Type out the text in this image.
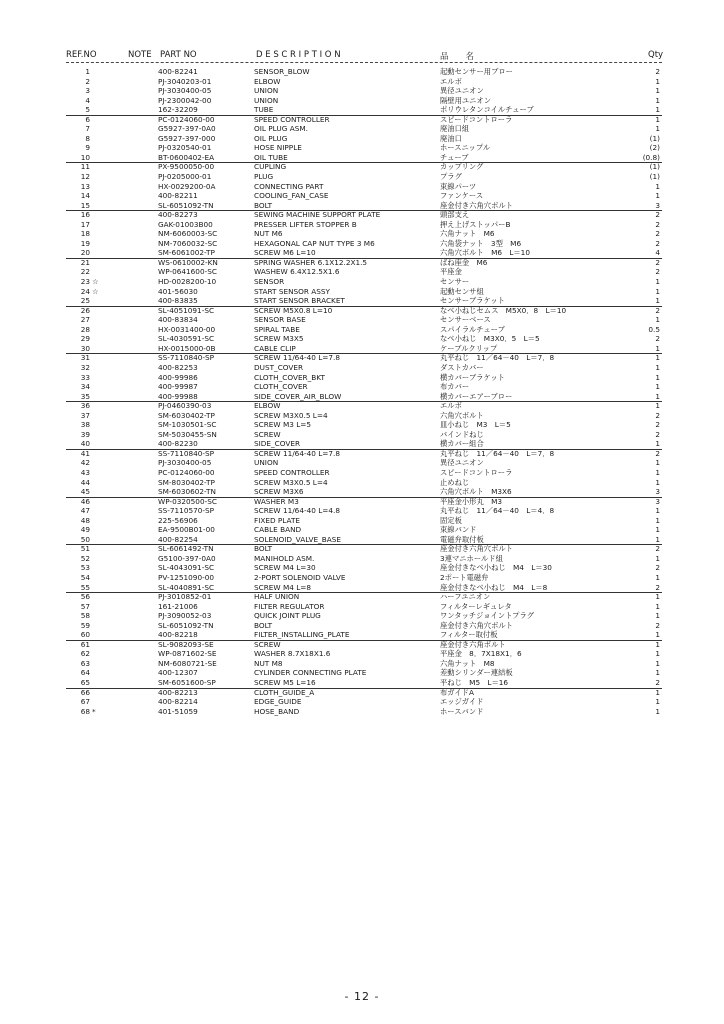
REF.NO	NOTE PART NO	D E S C R I P T I O N	品　　名	Qty
1	400-82241	SENSOR_BLOW	起動センサー用ブロー	2
2	PJ-3040203-01	ELBOW	エルボ	1
3	PJ-3030400-05	UNION	異径ユニオン	1
4	PJ-2300042-00	UNION	隔壁用ユニオン	1
5	162-32209	TUBE	ポリウレタンコイルチューブ	1
6	PC-0124060-00	SPEED CONTROLLER	スピードコントローラ	1
7	G5927-397-0A0	OIL PLUG ASM.	廃油口組	1
8	G5927-397-000	OIL PLUG	廃油口	(1)
9	PJ-0320540-01	HOSE NIPPLE	ホースニップル	(2)
10	BT-0600402-EA	OIL TUBE	チューブ	(0.8)
11	PX-9500050-00	CUPLING	カップリング	(1)
12	PJ-0205000-01	PLUG	プラグ	(1)
13	HX-0029200-0A	CONNECTING PART	束線パーツ	1
14	400-82211	COOLING_FAN_CASE	ファンケース	1
15	SL-6051092-TN	BOLT	座金付き六角穴ボルト	3
16	400-82273	SEWING MACHINE SUPPORT PLATE	頭部支え	2
17	GAK-01003B00	PRESSER LIFTER STOPPER B	押え上げストッパーB	2
18	NM-6060003-SC	NUT M6	六角ナット　M6	2
19	NM-7060032-SC	HEXAGONAL CAP NUT TYPE 3 M6	六角袋ナット　3型　M6	2
20	SM-6061002-TP	SCREW M6 L=10	六角穴ボルト　M6　L＝10	4
21	WS-0610002-KN	SPRING WASHER 6.1X12.2X1.5	ばね座金　M6	2
22	WP-0641600-SC	WASHEW 6.4X12.5X1.6	平座金	2
23 ☆	HD-0028200-10	SENSOR	センサー	1
24 ☆	401-56030	START SENSOR ASSY	起動センサ組	1
25	400-83835	START SENSOR BRACKET	センサーブラケット	1
26	SL-4051091-SC	SCREW M5X0.8 L=10	なべ小ねじセムス　M5X0．8　L＝10	2
27	400-83834	SENSOR BASE	センサーベース	1
28	HX-0031400-00	SPIRAL TABE	スパイラルチューブ	0.5
29	SL-4030591-SC	SCREW M3X5	なべ小ねじ　M3X0．5　L＝5	2
30	HX-0015000-0B	CABLE CLIP	ケーブルクリップ	1
31	SS-7110840-SP	SCREW 11/64-40 L=7.8	丸平ねじ　11／64－40　L＝7．8	1
32	400-82253	DUST_COVER	ダストカバー	1
33	400-99986	CLOTH_COVER_BKT	横カバーブラケット	1
34	400-99987	CLOTH_COVER	布カバー	1
35	400-99988	SIDE_COVER_AIR_BLOW	横カバーエアーブロー	1
36	PJ-0460390-03	ELBOW	エルボ	1
37	SM-6030402-TP	SCREW M3X0.5 L=4	六角穴ボルト	2
38	SM-1030501-SC	SCREW M3 L=5	皿小ねじ　M3　L＝5	2
39	SM-5030455-SN	SCREW	バインドねじ	2
40	400-82230	SIDE_COVER	横カバー組合	1
41	SS-7110840-SP	SCREW 11/64-40 L=7.8	丸平ねじ　11／64－40　L＝7．8	2
42	PJ-3030400-05	UNION	異径ユニオン	1
43	PC-0124060-00	SPEED CONTROLLER	スピードコントローラ	1
44	SM-8030402-TP	SCREW M3X0.5 L=4	止めねじ	1
45	SM-6030602-TN	SCREW M3X6	六角穴ボルト　M3X6	3
46	WP-0320500-SC	WASHER M3	平座金小形丸　M3	3
47	SS-7110570-SP	SCREW 11/64-40 L=4.8	丸平ねじ　11／64－40　L＝4．8	1
48	225-56906	FIXED PLATE	固定板	1
49	EA-9500B01-00	CABLE BAND	束線バンド	1
50	400-82254	SOLENOID_VALVE_BASE	電磁弁取付板	1
51	SL-6061492-TN	BOLT	座金付き六角穴ボルト	2
52	G5100-397-0A0	MANIHOLD ASM.	3連マニホールド組	1
53	SL-4043091-SC	SCREW M4 L=30	座金付きなべ小ねじ　M4　L＝30	2
54	PV-1251090-00	2-PORT SOLENOID VALVE	2ポート電磁弁	1
55	SL-4040891-SC	SCREW M4 L=8	座金付きなべ小ねじ　M4　L＝8	2
56	PJ-3010852-01	HALF UNION	ハーフユニオン	1
57	161-21006	FILTER REGULATOR	フィルターレギュレタ	1
58	PJ-3090052-03	QUICK JOINT PLUG	ワンタッチジョイントプラグ	1
59	SL-6051092-TN	BOLT	座金付き六角穴ボルト	2
60	400-82218	FILTER_INSTALLING_PLATE	フィルター取付板	1
61	SL-9082093-SE	SCREW	座金付き六角ボルト	1
62	WP-0871602-SE	WASHER 8.7X18X1.6	平座金　8．7X18X1．6	1
63	NM-6080721-SE	NUT M8	六角ナット　M8	1
64	400-12307	CYLINDER CONNECTING PLATE	差動シリンダー連結板	1
65	SM-6051600-SP	SCREW M5 L=16	平ねじ　M5　L＝16	2
66	400-82213	CLOTH_GUIDE_A	布ガイドA	1
67	400-82214	EDGE_GUIDE	エッジガイド	1
68 *	401-51059	HOSE_BAND	ホースバンド	1
- 12 -
